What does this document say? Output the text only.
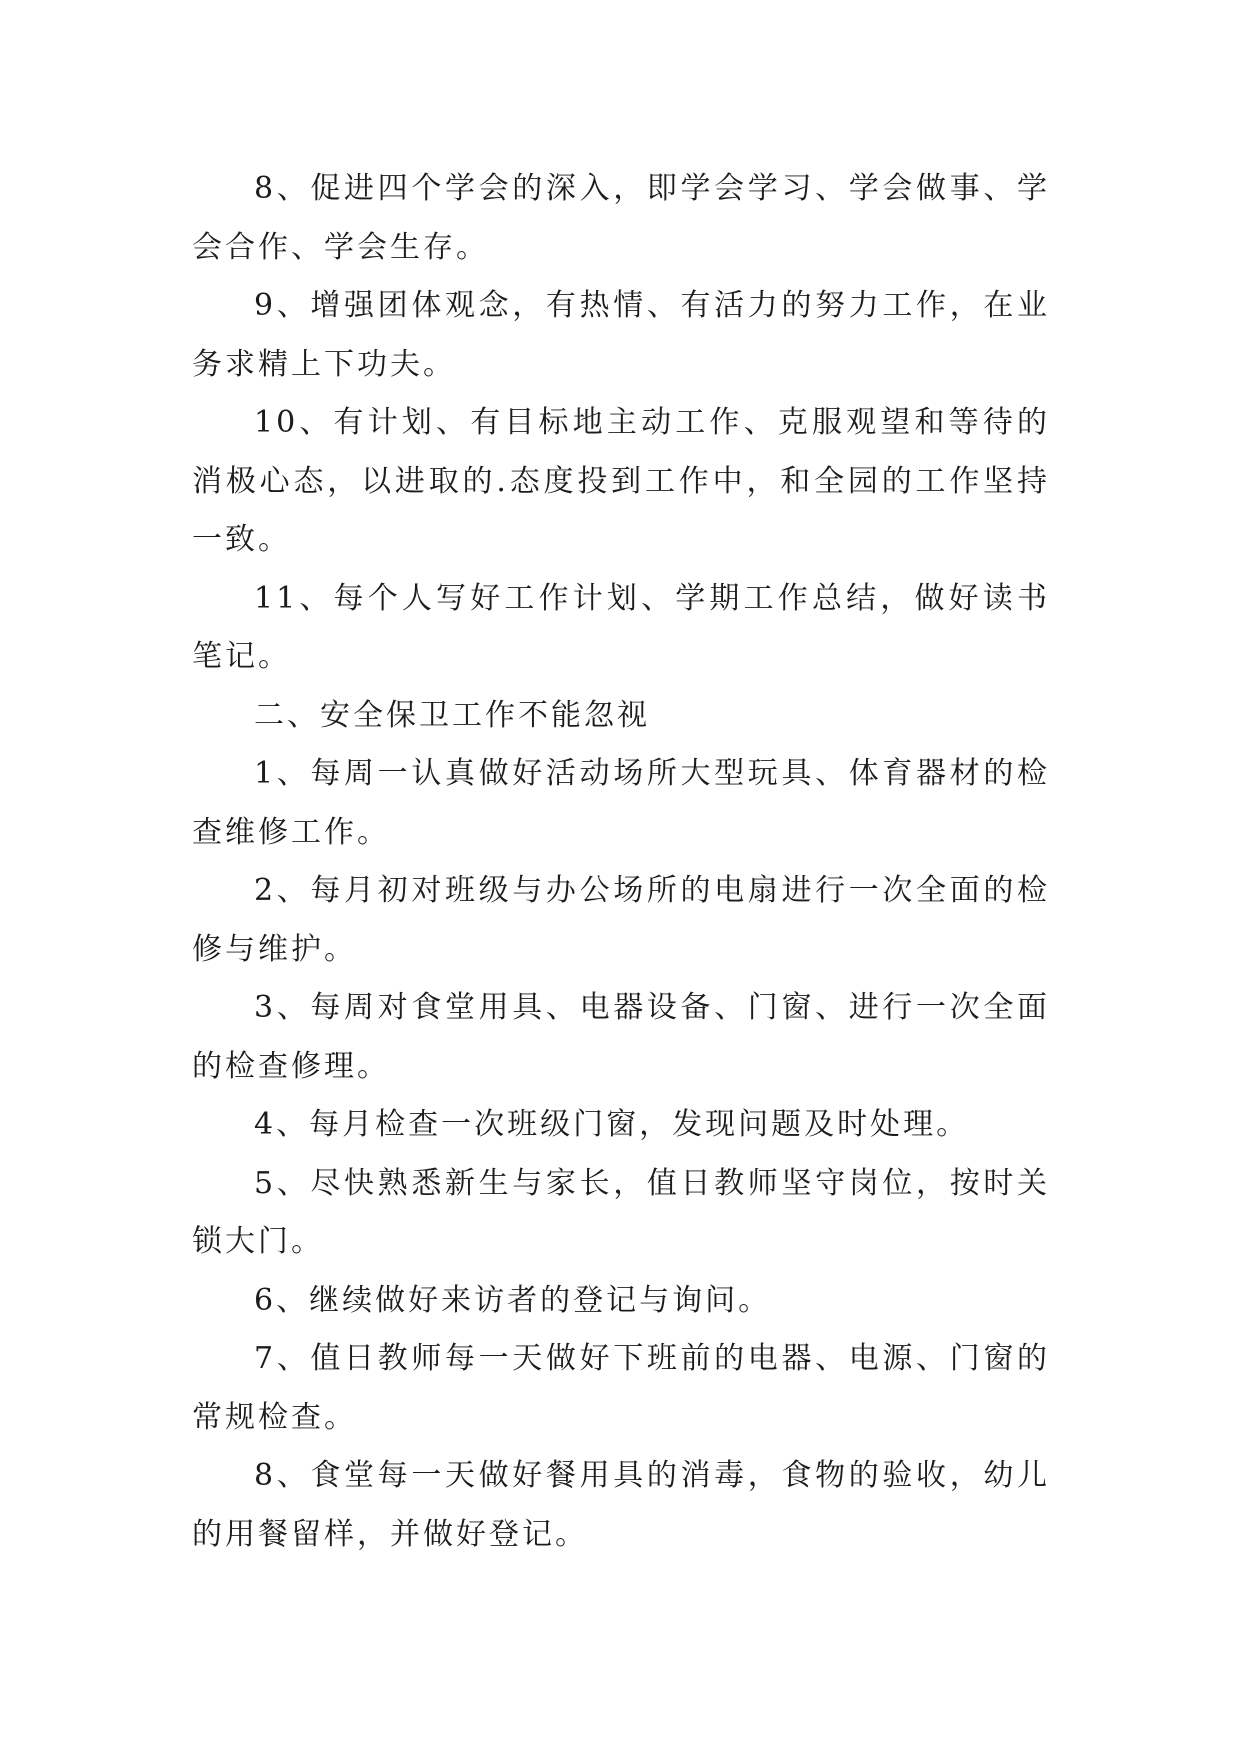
8、促进四个学会的深入，即学会学习、学会做事、学会合作、学会生存。

9、增强团体观念，有热情、有活力的努力工作，在业务求精上下功夫。

10、有计划、有目标地主动工作、克服观望和等待的消极心态，以进取的.态度投到工作中，和全园的工作坚持一致。

11、每个人写好工作计划、学期工作总结，做好读书笔记。

二、安全保卫工作不能忽视

1、每周一认真做好活动场所大型玩具、体育器材的检查维修工作。

2、每月初对班级与办公场所的电扇进行一次全面的检修与维护。

3、每周对食堂用具、电器设备、门窗、进行一次全面的检查修理。

4、每月检查一次班级门窗，发现问题及时处理。

5、尽快熟悉新生与家长，值日教师坚守岗位，按时关锁大门。

6、继续做好来访者的登记与询问。

7、值日教师每一天做好下班前的电器、电源、门窗的常规检查。

8、食堂每一天做好餐用具的消毒，食物的验收，幼儿的用餐留样，并做好登记。
